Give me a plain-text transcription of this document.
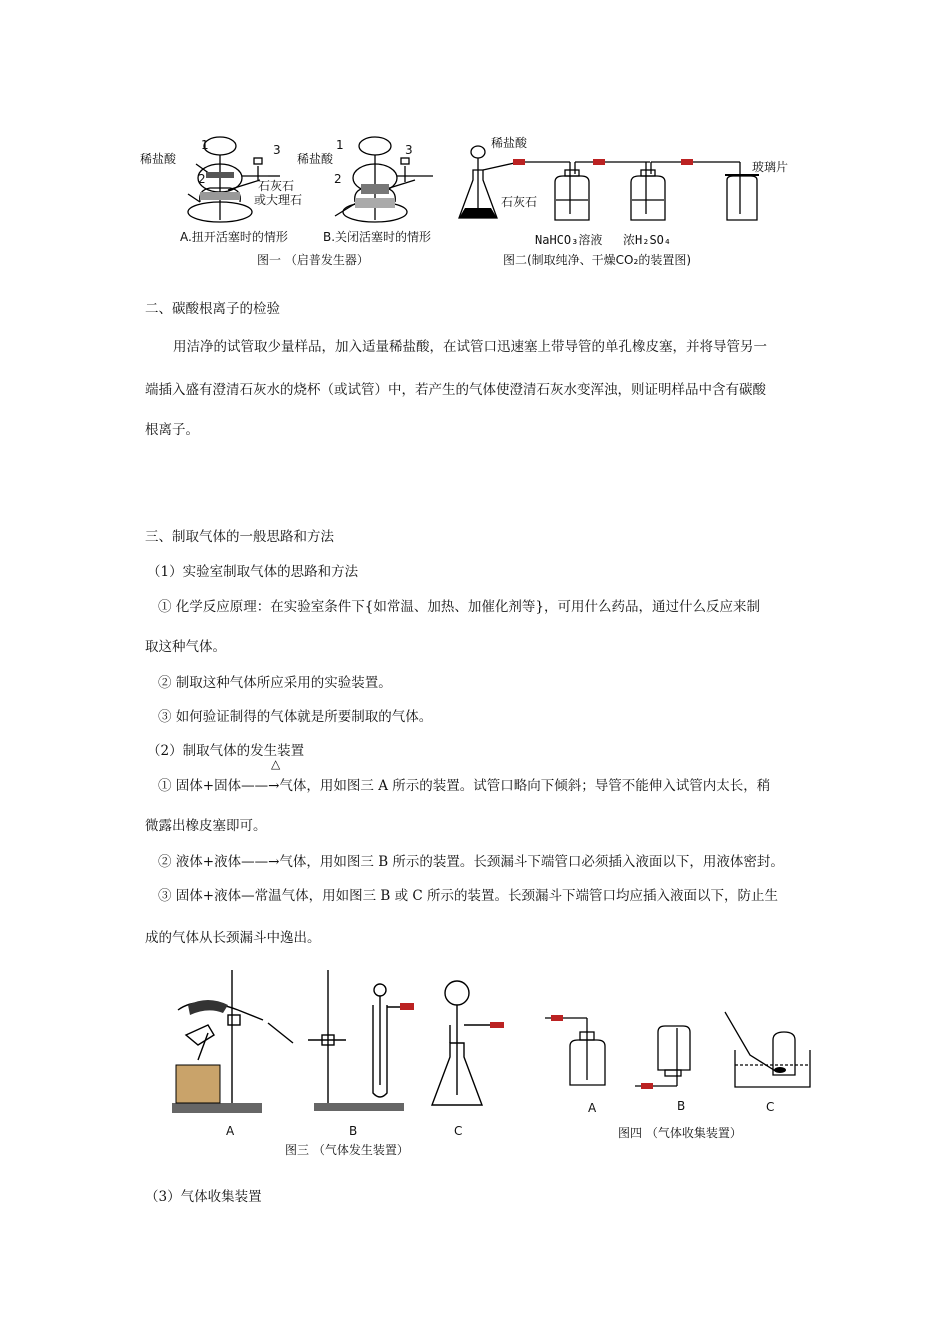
稀盐酸
1
2
3
石灰石
或大理石
稀盐酸
1
2
3
A.扭开活塞时的情形	B.关闭活塞时的情形
图一 （启普发生器）
稀盐酸
石灰石
玻璃片
NaHCO₃溶液 浓H₂SO₄
图二(制取纯净、干燥CO₂的装置图)
二、碳酸根离子的检验
用洁净的试管取少量样品，加入适量稀盐酸，在试管口迅速塞上带导管的单孔橡皮塞，并将导管另一
端插入盛有澄清石灰水的烧杯（或试管）中，若产生的气体使澄清石灰水变浑浊，则证明样品中含有碳酸
根离子。
三、制取气体的一般思路和方法
（1）实验室制取气体的思路和方法
① 化学反应原理：在实验室条件下{如常温、加热、加催化剂等}，可用什么药品，通过什么反应来制
取这种气体。
② 制取这种气体所应采用的实验装置。
③ 如何验证制得的气体就是所要制取的气体。
（2）制取气体的发生装置
△
① 固体+固体——→气体，用如图三 A 所示的装置。试管口略向下倾斜；导管不能伸入试管内太长，稍
微露出橡皮塞即可。
② 液体+液体——→气体，用如图三 B 所示的装置。长颈漏斗下端管口必须插入液面以下，用液体密封。
③ 固体+液体—常温气体，用如图三 B 或 C 所示的装置。长颈漏斗下端管口均应插入液面以下，防止生
成的气体从长颈漏斗中逸出。
A	B	C
图三 （气体发生装置）
A	B	C
图四 （气体收集装置）
（3）气体收集装置
